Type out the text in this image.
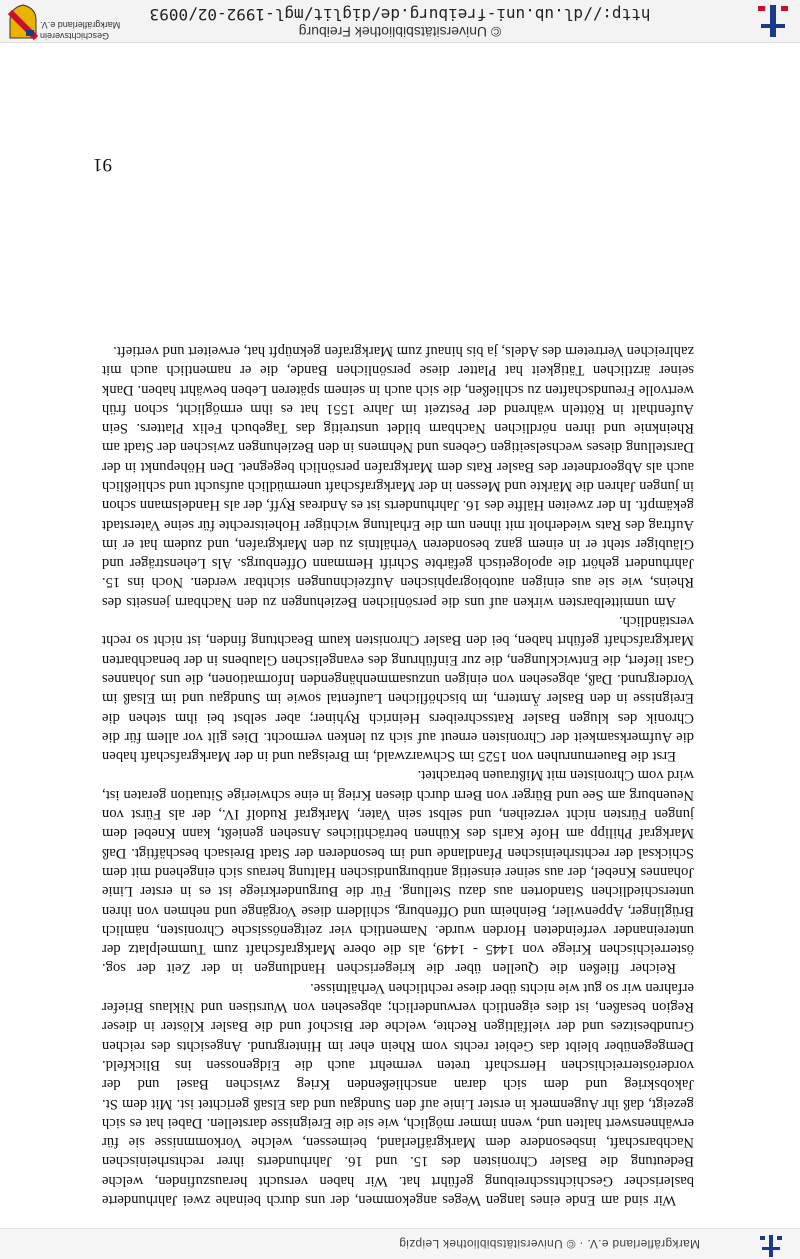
Markgräflerland e.V. · © Universitätsbibliothek Leipzig

Wir sind am Ende eines langen Weges angekommen, der uns durch beinahe zwei Jahrhunderte baslerischer Geschichtsschreibung geführt hat. Wir haben versucht herauszufinden, welche Bedeutung die Basler Chronisten des 15. und 16. Jahrhunderts ihrer rechtsrheinischen Nachbarschaft, insbesondere dem Markgräflerland, beimessen, welche Vorkommnisse sie für erwähnenswert halten und, wenn immer möglich, wie sie die Ereignisse darstellen. Dabei hat es sich gezeigt, daß ihr Augenmerk in erster Linie auf den Sundgau und das Elsaß gerichtet ist. Mit dem St. Jakobskrieg und dem sich daran anschließenden Krieg zwischen Basel und der vorderösterreichischen Herrschaft treten vermehrt auch die Eidgenossen ins Blickfeld. Demgegenüber bleibt das Gebiet rechts vom Rhein eher im Hintergrund. Angesichts des reichen Grundbesitzes und der vielfältigen Rechte, welche der Bischof und die Basler Klöster in dieser Region besaßen, ist dies eigentlich verwunderlich; abgesehen von Wurstisen und Niklaus Briefer erfahren wir so gut wie nichts über diese rechtlichen Verhältnisse.

Reicher fließen die Quellen über die kriegerischen Handlungen in der Zeit der sog. österreichischen Kriege von 1445 - 1449, als die obere Markgrafschaft zum Tummelplatz der untereinander verfeindeten Horden wurde. Namentlich vier zeitgenössische Chronisten, nämlich Brüglinger, Appenwiler, Beinheim und Offenburg, schildern diese Vorgänge und nehmen von ihren unterschiedlichen Standorten aus dazu Stellung. Für die Burgunderkriege ist es in erster Linie Johannes Knebel, der aus seiner einseitig antiburgundischen Haltung heraus sich eingehend mit dem Schicksal der rechtsrheinischen Pfandlande und im besonderen der Stadt Breisach beschäftigt. Daß Markgraf Philipp am Hofe Karls des Kühnen beträchtliches Ansehen genießt, kann Knebel dem jungen Fürsten nicht verzeihen, und selbst sein Vater, Markgraf Rudolf IV., der als Fürst von Neuenburg am See und Bürger von Bern durch diesen Krieg in eine schwierige Situation geraten ist, wird vom Chronisten mit Mißtrauen betrachtet.

Erst die Bauernunruhen von 1525 im Schwarzwald, im Breisgau und in der Markgrafschaft haben die Aufmerksamkeit der Chronisten erneut auf sich zu lenken vermocht. Dies gilt vor allem für die Chronik des klugen Basler Ratsschreibers Heinrich Ryhiner; aber selbst bei ihm stehen die Ereignisse in den Basler Ämtern, im bischöflichen Laufental sowie im Sundgau und im Elsaß im Vordergrund. Daß, abgesehen von einigen unzusammenhängenden Informationen, die uns Johannes Gast liefert, die Entwicklungen, die zur Einführung des evangelischen Glaubens in der benachbarten Markgrafschaft geführt haben, bei den Basler Chronisten kaum Beachtung finden, ist nicht so recht verständlich.

Am unmittelbarsten wirken auf uns die persönlichen Beziehungen zu den Nachbarn jenseits des Rheins, wie sie aus einigen autobiographischen Aufzeichnungen sichtbar werden. Noch ins 15. Jahrhundert gehört die apologetisch gefärbte Schrift Hemmann Offenburgs. Als Lehensträger und Gläubiger steht er in einem ganz besonderen Verhältnis zu den Markgrafen, und zudem hat er im Auftrag des Rats wiederholt mit ihnen um die Erhaltung wichtiger Hoheitsrechte für seine Vaterstadt gekämpft. In der zweiten Hälfte des 16. Jahrhunderts ist es Andreas Ryff, der als Handelsmann schon in jungen Jahren die Märkte und Messen in der Markgrafschaft unermüdlich aufsucht und schließlich auch als Abgeordneter des Basler Rats dem Markgrafen persönlich begegnet. Den Höhepunkt in der Darstellung dieses wechselseitigen Gebens und Nehmens in den Beziehungen zwischen der Stadt am Rheinknie und ihren nördlichen Nachbarn bildet unstreitig das Tagebuch Felix Platters. Sein Aufenthalt in Rötteln während der Pestzeit im Jahre 1551 hat es ihm ermöglicht, schon früh wertvolle Freundschaften zu schließen, die sich auch in seinem späteren Leben bewährt haben. Dank seiner ärztlichen Tätigkeit hat Platter diese persönlichen Bande, die er namentlich auch mit zahlreichen Vertretern des Adels, ja bis hinauf zum Markgrafen geknüpft hat, erweitert und vertieft.

91
© Universitätsbibliothek Freiburg
http://dl.ub.uni-freiburg.de/diglit/mgl-1992-02/0093
Geschichtsverein
Markgräflerland e.V.
